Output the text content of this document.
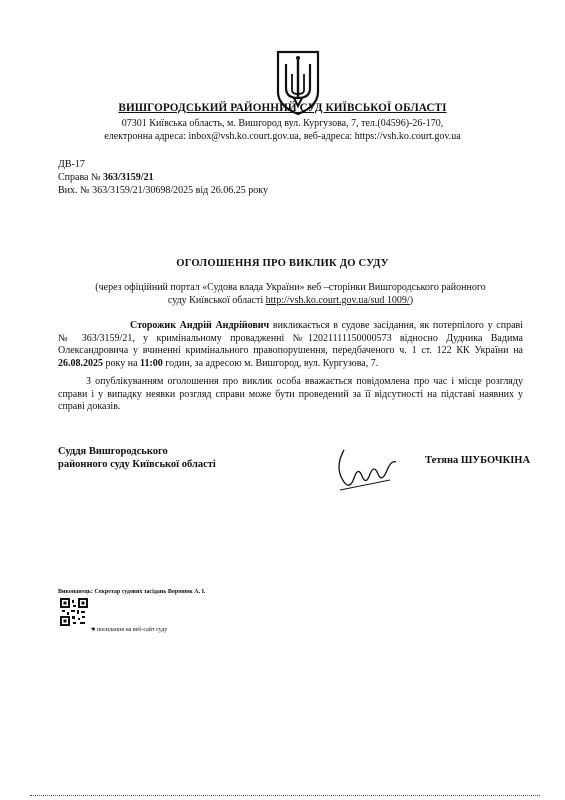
ВИШГОРОДСЬКИЙ РАЙОННИЙ СУД КИЇВСЬКОЇ ОБЛАСТІ
07301 Київська область, м. Вишгород вул. Кургузова, 7, тел.(04596)-26-170,
електронна адреса: inbox@vsh.ko.court.gov.ua, веб-адреса: https://vsh.ko.court.gov.ua
ДВ-17
Справа № 363/3159/21
Вих. № 363/3159/21/30698/2025 від 26.06.25 року
ОГОЛОШЕННЯ ПРО ВИКЛИК ДО СУДУ
(через офіційний портал «Судова влада України» веб –сторінки Вишгородського районного
суду Київської області http://vsh.ko.court.gov.ua/sud 1009/)
Сторожик Андрій Андрійович викликається в судове засідання, як потерпілого у справі № 363/3159/21, у кримінальному провадженні №12021111150000573 відносно Дудника Вадима Олександровича у вчиненні кримінального правопорушення, передбаченого ч. 1 ст. 122 КК України на 26.08.2025 року на 11:00 годин, за адресою м. Вишгород, вул. Кургузова, 7.
З опублікуванням оголошення про виклик особа вважається повідомлена про час і місце розгляду справи і у випадку неявки розгляд справи може бути проведений за її відсутності на підставі наявних у справі доказів.
Суддя Вишгородського
районного суду Київської області	Тетяна ШУБОЧКІНА
Виконавець: Секретар судових засідань Воронюк А. І.
☚ посилання на веб-сайт суду
